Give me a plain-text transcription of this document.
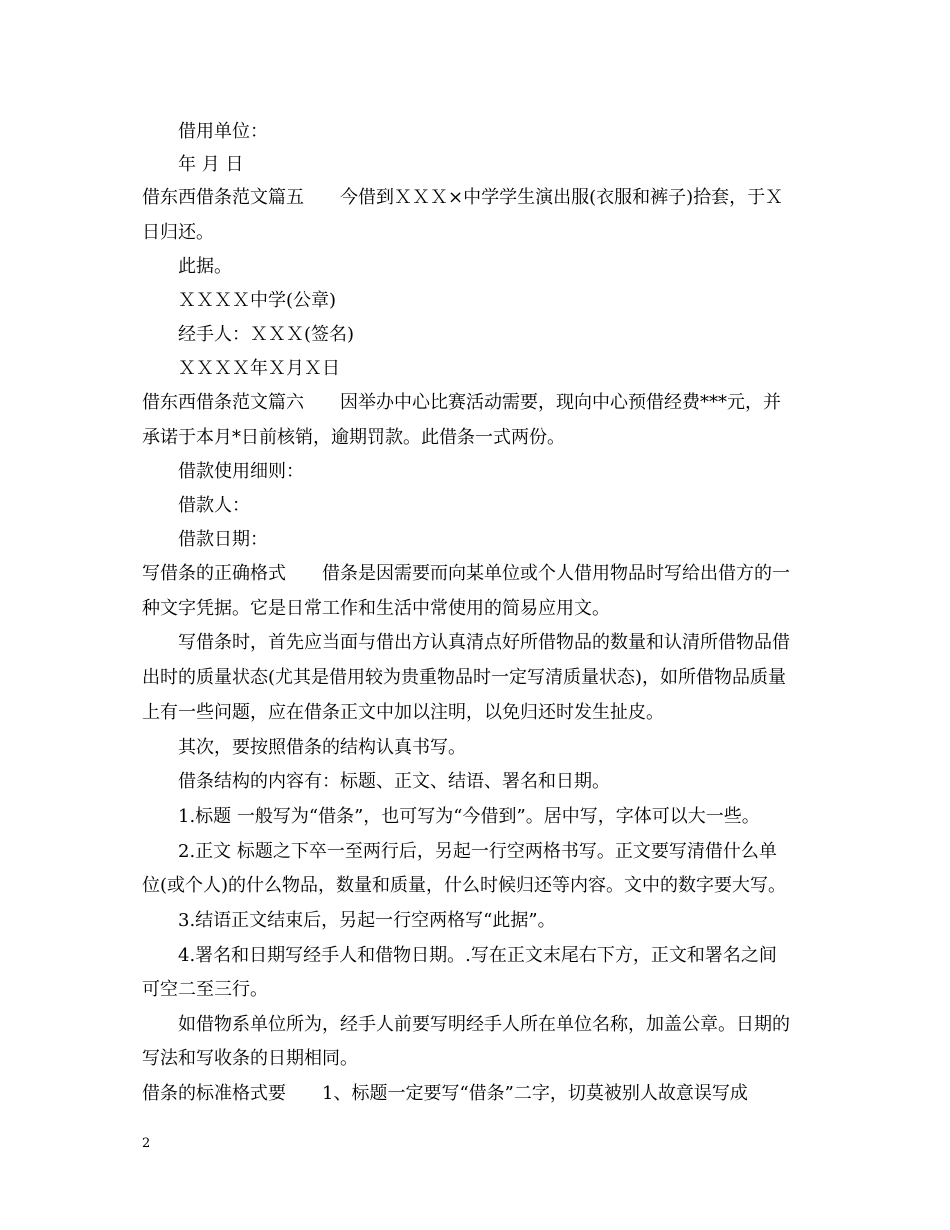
借用单位：
年 月 日
借东西借条范文篇五 今借到ＸＸＸ×中学学生演出服(衣服和裤子)拾套，于Ｘ
日归还。
此据。
ＸＸＸＸ中学(公章)
经手人：ＸＸＸ(签名)
ＸＸＸＸ年Ｘ月Ｘ日
借东西借条范文篇六 因举办中心比赛活动需要，现向中心预借经费***元，并
承诺于本月*日前核销，逾期罚款。此借条一式两份。
借款使用细则：
借款人：
借款日期：
写借条的正确格式 借条是因需要而向某单位或个人借用物品时写给出借方的一
种文字凭据。它是日常工作和生活中常使用的简易应用文。
写借条时，首先应当面与借出方认真清点好所借物品的数量和认清所借物品借
出时的质量状态(尤其是借用较为贵重物品时一定写清质量状态)，如所借物品质量
上有一些问题，应在借条正文中加以注明，以免归还时发生扯皮。
其次，要按照借条的结构认真书写。
借条结构的内容有：标题、正文、结语、署名和日期。
1.标题 一般写为“借条”，也可写为“今借到”。居中写，字体可以大一些。
2.正文 标题之下卒一至两行后，另起一行空两格书写。正文要写清借什么单
位(或个人)的什么物品，数量和质量，什么时候归还等内容。文中的数字要大写。
3.结语正文结束后，另起一行空两格写“此据”。
4.署名和日期写经手人和借物日期。.写在正文末尾右下方，正文和署名之间
可空二至三行。
如借物系单位所为，经手人前要写明经手人所在单位名称，加盖公章。日期的
写法和写收条的日期相同。
借条的标准格式要 1、标题一定要写“借条”二字，切莫被别人故意误写成
2
